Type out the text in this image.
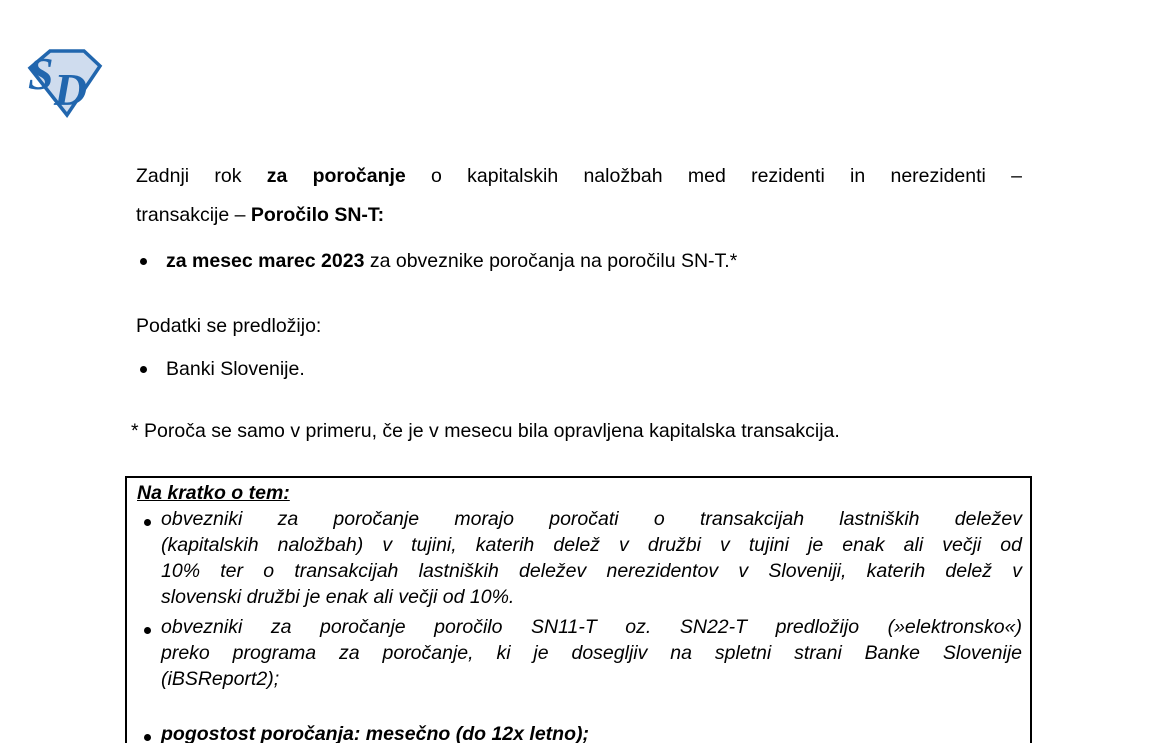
S D
Zadnji rok za poročanje o kapitalskih naložbah med rezidenti in nerezidenti –
transakcije – Poročilo SN-T:
za mesec marec 2023 za obveznike poročanja na poročilu SN-T.*
Podatki se predložijo:
Banki Slovenije.
* Poroča se samo v primeru, če je v mesecu bila opravljena kapitalska transakcija.
Na kratko o tem:
obvezniki za poročanje morajo poročati o transakcijah lastniških deležev
(kapitalskih naložbah) v tujini, katerih delež v družbi v tujini je enak ali večji od
10% ter o transakcijah lastniških deležev nerezidentov v Sloveniji, katerih delež v
slovenski družbi je enak ali večji od 10%.
obvezniki za poročanje poročilo SN11-T oz. SN22-T predložijo (»elektronsko«)
preko programa za poročanje, ki je dosegljiv na spletni strani Banke Slovenije
(iBSReport2);
pogostost poročanja: mesečno (do 12x letno);
